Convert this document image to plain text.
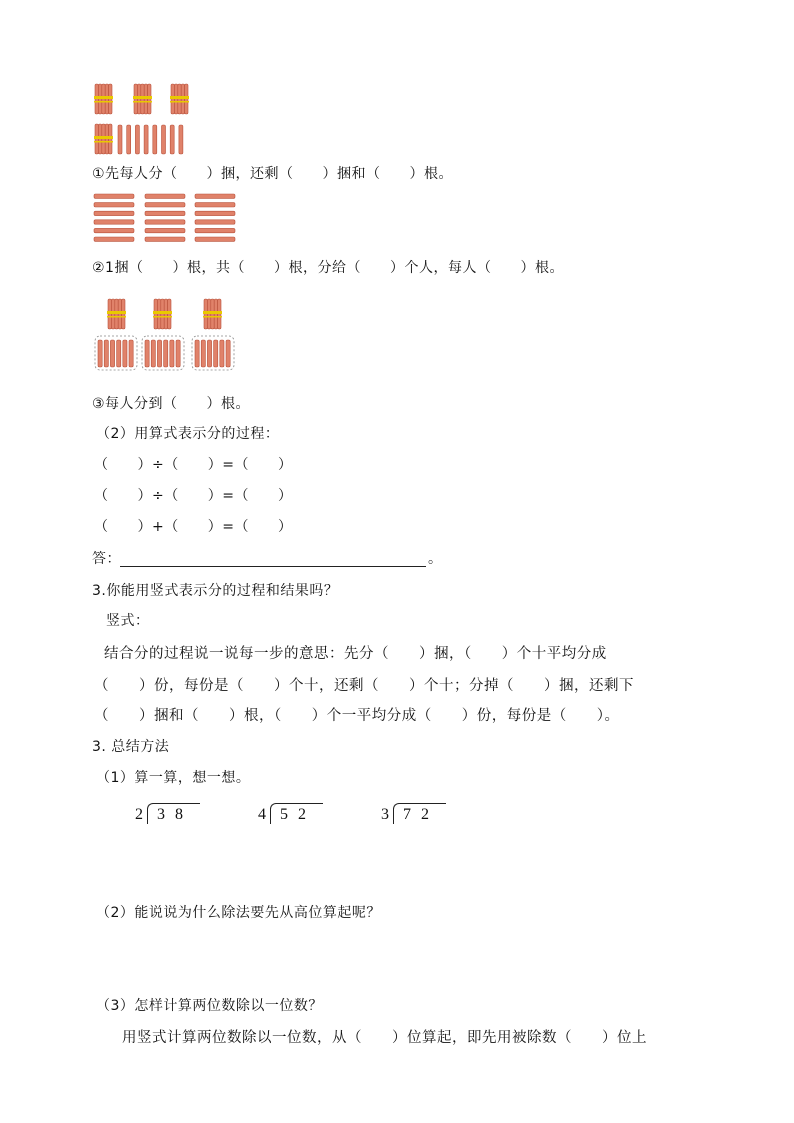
①先每人分（　　）捆，还剩（　　）捆和（　　）根。
②1捆（　　）根，共（　　）根，分给（　　）个人，每人（　　）根。
③每人分到（　　）根。
（2）用算式表示分的过程：
（　　）÷（　　）=（　　）
（　　）÷（　　）=（　　）
（　　）+（　　）=（　　）
答：	。
3.你能用竖式表示分的过程和结果吗？
竖式：
结合分的过程说一说每一步的意思：先分（　　）捆，（　　）个十平均分成
（　　）份，每份是（　　）个十，还剩（　　）个十；分掉（　　）捆，还剩下
（　　）捆和（　　）根，（　　）个一平均分成（　　）份，每份是（　　）。
3. 总结方法
（1）算一算，想一想。
2 3 8	4 5 2	3 7 2
（2）能说说为什么除法要先从高位算起呢？
（3）怎样计算两位数除以一位数？
用竖式计算两位数除以一位数，从（　　）位算起，即先用被除数（　　）位上
